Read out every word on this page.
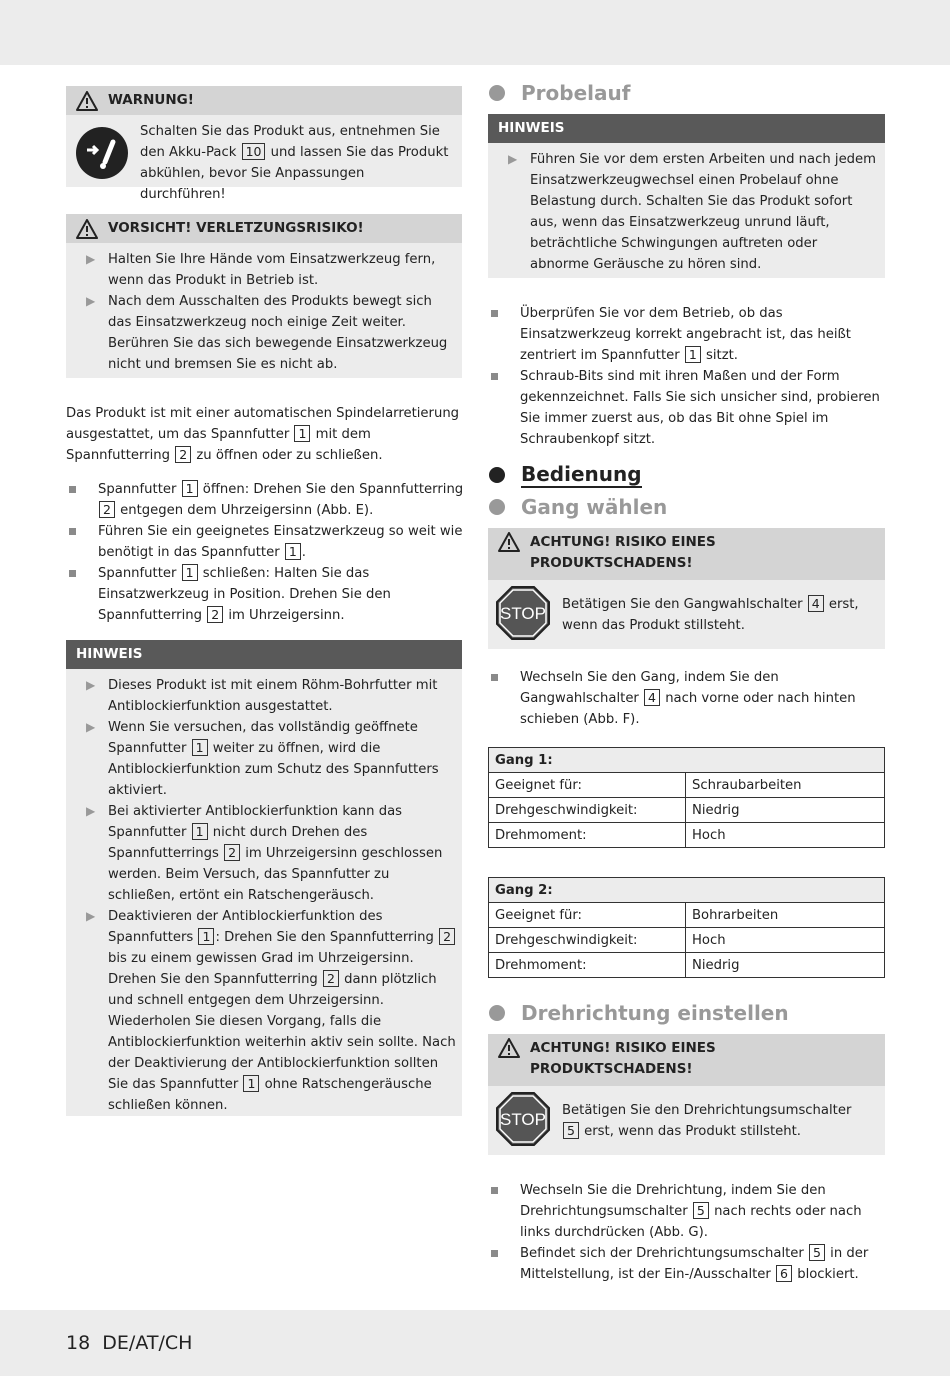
WARNUNG!
Schalten Sie das Produkt aus, entnehmen Sie den Akku-Pack 10 und lassen Sie das Produkt abkühlen, bevor Sie Anpassungen durchführen!
VORSICHT! VERLETZUNGSRISIKO!
▶ Halten Sie Ihre Hände vom Einsatzwerkzeug fern, wenn das Produkt in Betrieb ist.
▶ Nach dem Ausschalten des Produkts bewegt sich das Einsatzwerkzeug noch einige Zeit weiter. Berühren Sie das sich bewegende Einsatzwerkzeug nicht und bremsen Sie es nicht ab.
Das Produkt ist mit einer automatischen Spindelarretierung ausgestattet, um das Spannfutter 1 mit dem Spannfutterring 2 zu öffnen oder zu schließen.
Spannfutter 1 öffnen: Drehen Sie den Spannfutterring 2 entgegen dem Uhrzeigersinn (Abb. E).
Führen Sie ein geeignetes Einsatzwerkzeug so weit wie benötigt in das Spannfutter 1 .
Spannfutter 1 schließen: Halten Sie das Einsatzwerkzeug in Position. Drehen Sie den Spannfutterring 2 im Uhrzeigersinn.
HINWEIS
▶ Dieses Produkt ist mit einem Röhm-Bohrfutter mit Antiblockierfunktion ausgestattet.
▶ Wenn Sie versuchen, das vollständig geöffnete Spannfutter 1 weiter zu öffnen, wird die Antiblockierfunktion zum Schutz des Spannfutters aktiviert.
▶ Bei aktivierter Antiblockierfunktion kann das Spannfutter 1 nicht durch Drehen des Spannfutterrings 2 im Uhrzeigersinn geschlossen werden. Beim Versuch, das Spannfutter zu schließen, ertönt ein Ratschengeräusch.
▶ Deaktivieren der Antiblockierfunktion des Spannfutters 1 : Drehen Sie den Spannfutterring 2 bis zu einem gewissen Grad im Uhrzeigersinn. Drehen Sie den Spannfutterring 2 dann plötzlich und schnell entgegen dem Uhrzeigersinn.
Wiederholen Sie diesen Vorgang, falls die Antiblockierfunktion weiterhin aktiv sein sollte. Nach der Deaktivierung der Antiblockierfunktion sollten Sie das Spannfutter 1 ohne Ratschengeräusche schließen können.
Probelauf
HINWEIS
▶ Führen Sie vor dem ersten Arbeiten und nach jedem Einsatzwerkzeugwechsel einen Probelauf ohne Belastung durch. Schalten Sie das Produkt sofort aus, wenn das Einsatzwerkzeug unrund läuft, beträchtliche Schwingungen auftreten oder abnorme Geräusche zu hören sind.
Überprüfen Sie vor dem Betrieb, ob das Einsatzwerkzeug korrekt angebracht ist, das heißt zentriert im Spannfutter 1 sitzt.
Schraub-Bits sind mit ihren Maßen und der Form gekennzeichnet. Falls Sie sich unsicher sind, probieren Sie immer zuerst aus, ob das Bit ohne Spiel im Schraubenkopf sitzt.
Bedienung
Gang wählen
ACHTUNG! RISIKO EINES
PRODUKTSCHADENS!
STOP Betätigen Sie den Gangwahlschalter 4 erst, wenn das Produkt stillsteht.
Wechseln Sie den Gang, indem Sie den Gangwahlschalter 4 nach vorne oder nach hinten schieben (Abb. F).
Gang 1:	
Geeignet für:	Schraubarbeiten
Drehgeschwindigkeit:	Niedrig
Drehmoment:	Hoch
Gang 2:	
Geeignet für:	Bohrarbeiten
Drehgeschwindigkeit:	Hoch
Drehmoment:	Niedrig
Drehrichtung einstellen
ACHTUNG! RISIKO EINES
PRODUKTSCHADENS!
STOP Betätigen Sie den Drehrichtungsumschalter 5 erst, wenn das Produkt stillsteht.
Wechseln Sie die Drehrichtung, indem Sie den Drehrichtungsumschalter 5 nach rechts oder nach links durchdrücken (Abb. G).
Befindet sich der Drehrichtungsumschalter 5 in der Mittelstellung, ist der Ein-/Ausschalter 6 blockiert.
18 DE/AT/CH
